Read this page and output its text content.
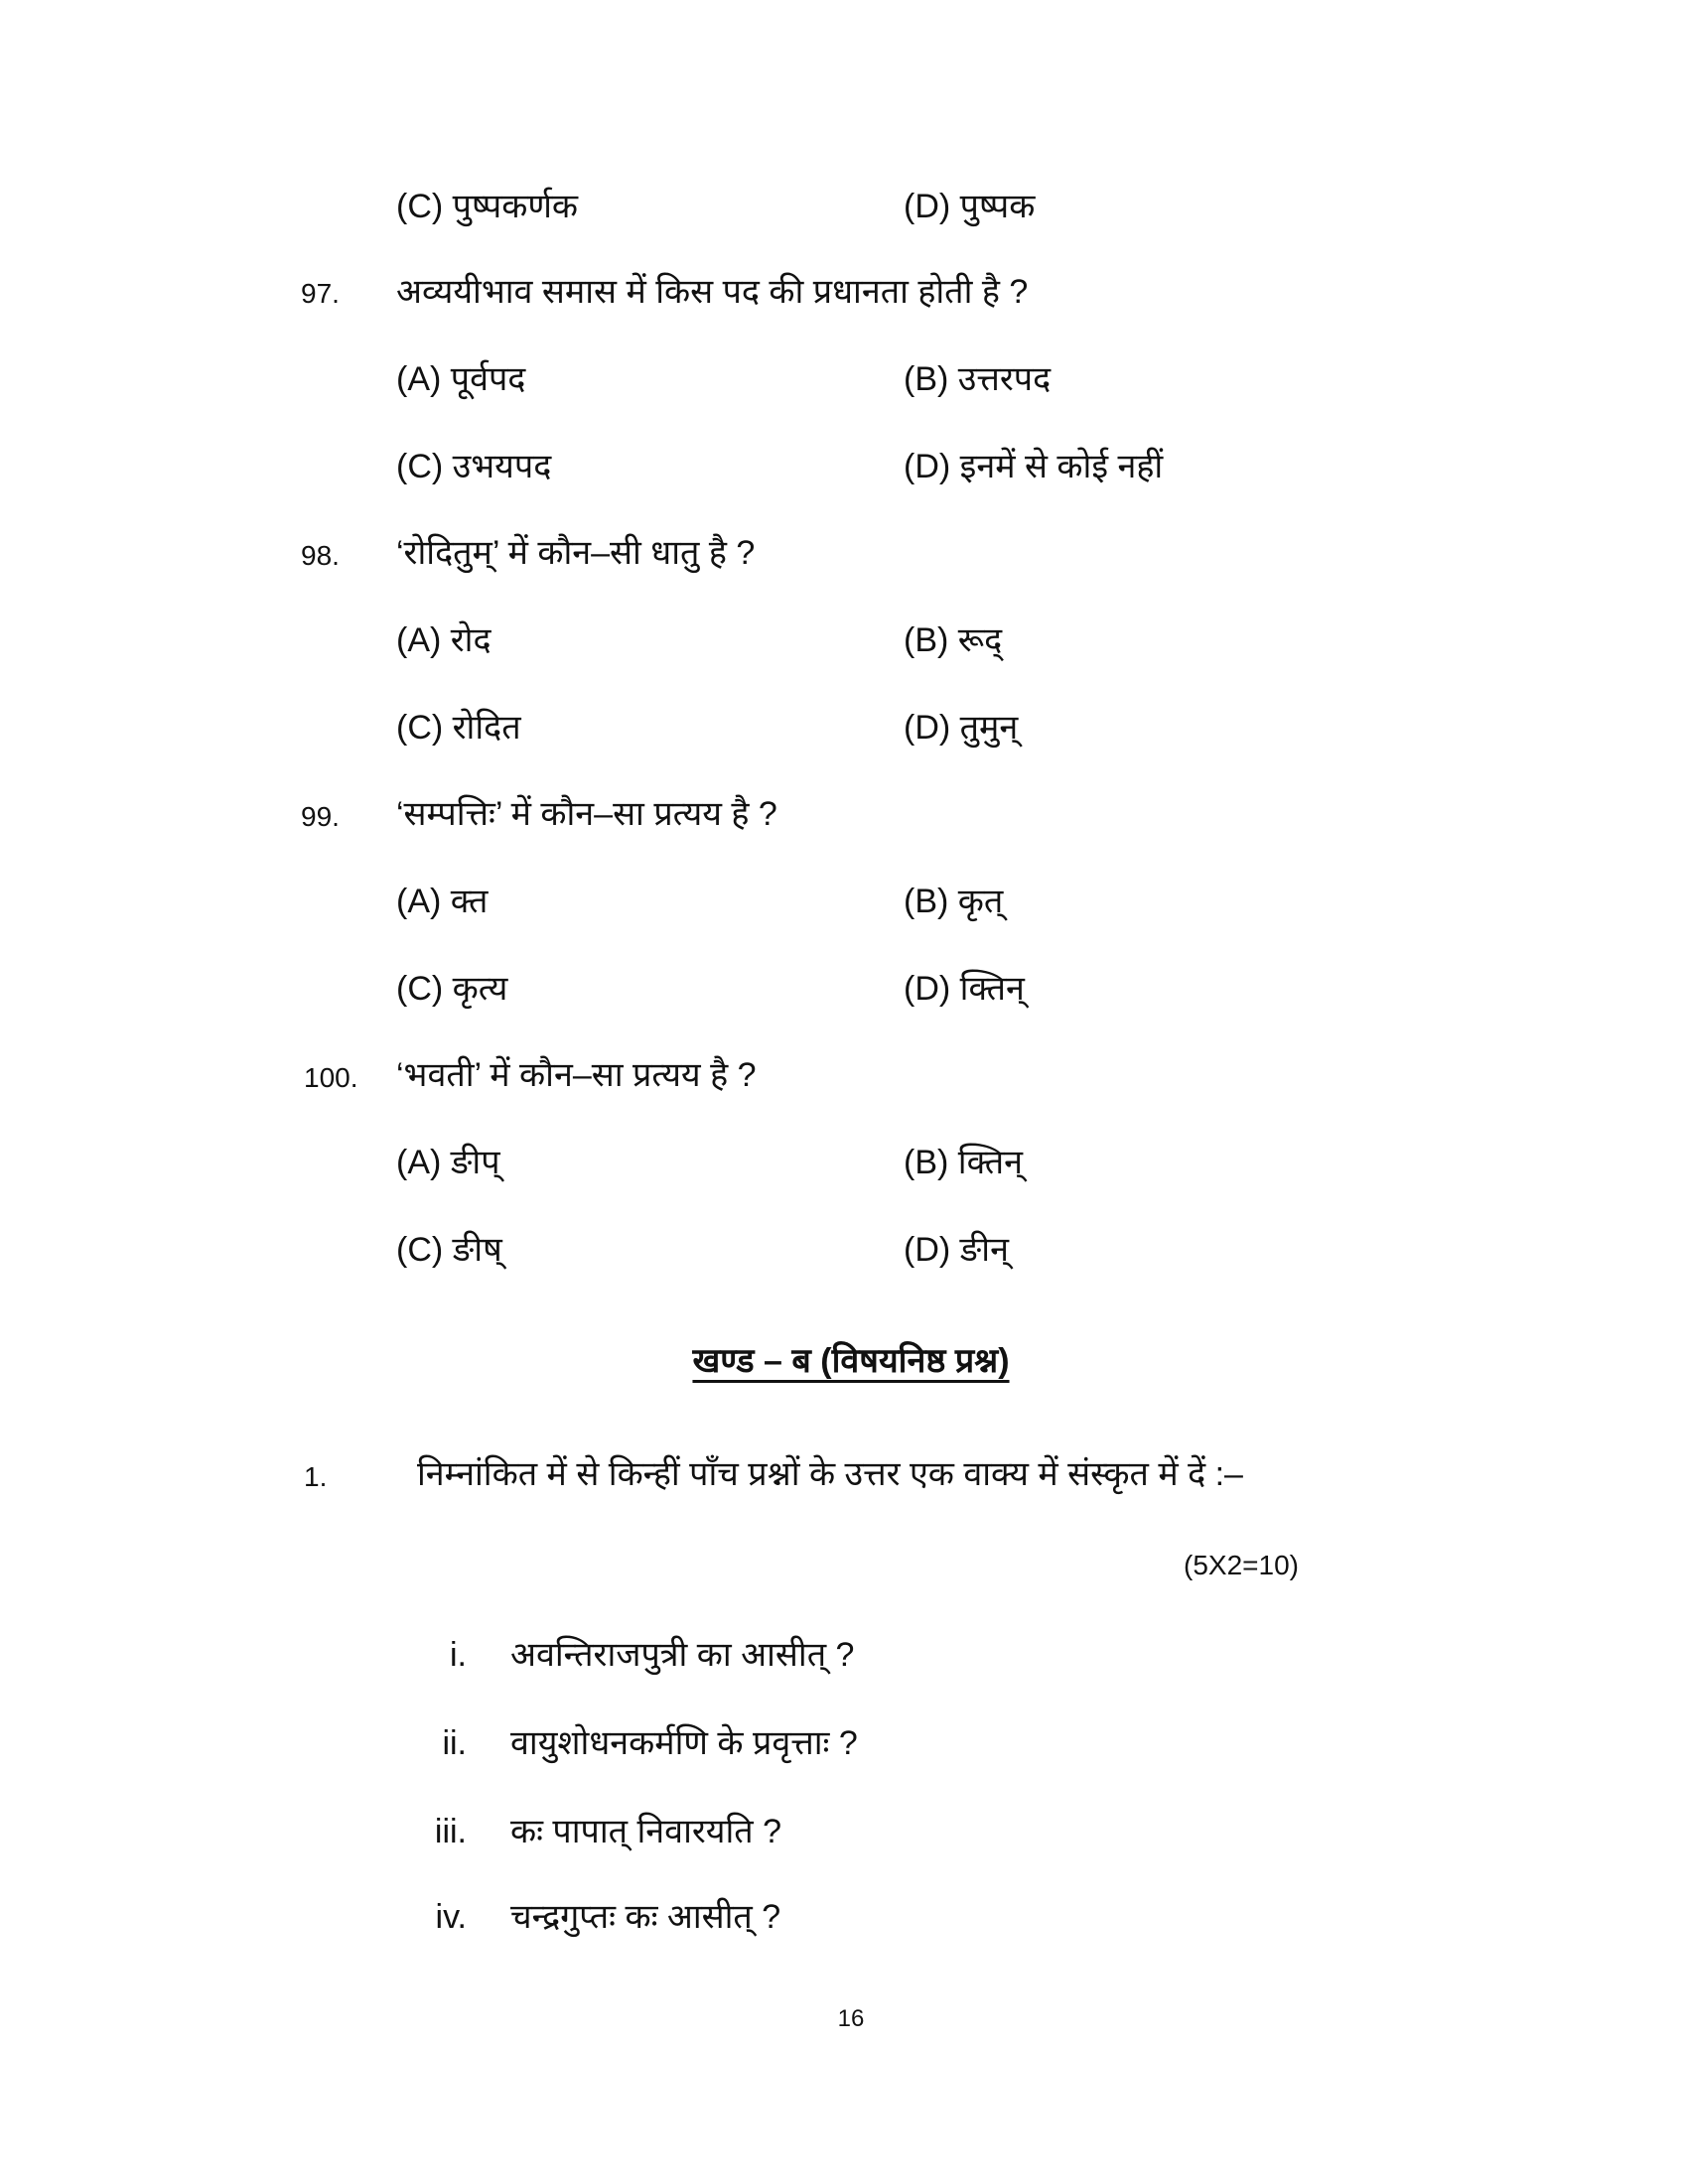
(C) पुष्पकर्णक	(D) पुष्पक
97. अव्ययीभाव समास में किस पद की प्रधानता होती है ?
(A) पूर्वपद	(B) उत्तरपद
(C) उभयपद	(D) इनमें से कोई नहीं
98. ‘रोदितुम्’ में कौन–सी धातु है ?
(A) रोद	(B) रूद्
(C) रोदित	(D) तुमुन्
99. ‘सम्पत्तिः’ में कौन–सा प्रत्यय है ?
(A) क्त	(B) कृत्
(C) कृत्य	(D) क्तिन्
100. ‘भवती’ में कौन–सा प्रत्यय है ?
(A) ङीप्	(B) क्तिन्
(C) ङीष्	(D) ङीन्
खण्ड – ब (विषयनिष्ठ प्रश्न)
1.	निम्नांकित में से किन्हीं पाँच प्रश्नों के उत्तर एक वाक्य में संस्कृत में दें :–
(5X2=10)
i. अवन्तिराजपुत्री का आसीत् ?
ii. वायुशोधनकर्मणि के प्रवृत्ताः ?
iii. कः पापात् निवारयति ?
iv. चन्द्रगुप्तः कः आसीत् ?
16
